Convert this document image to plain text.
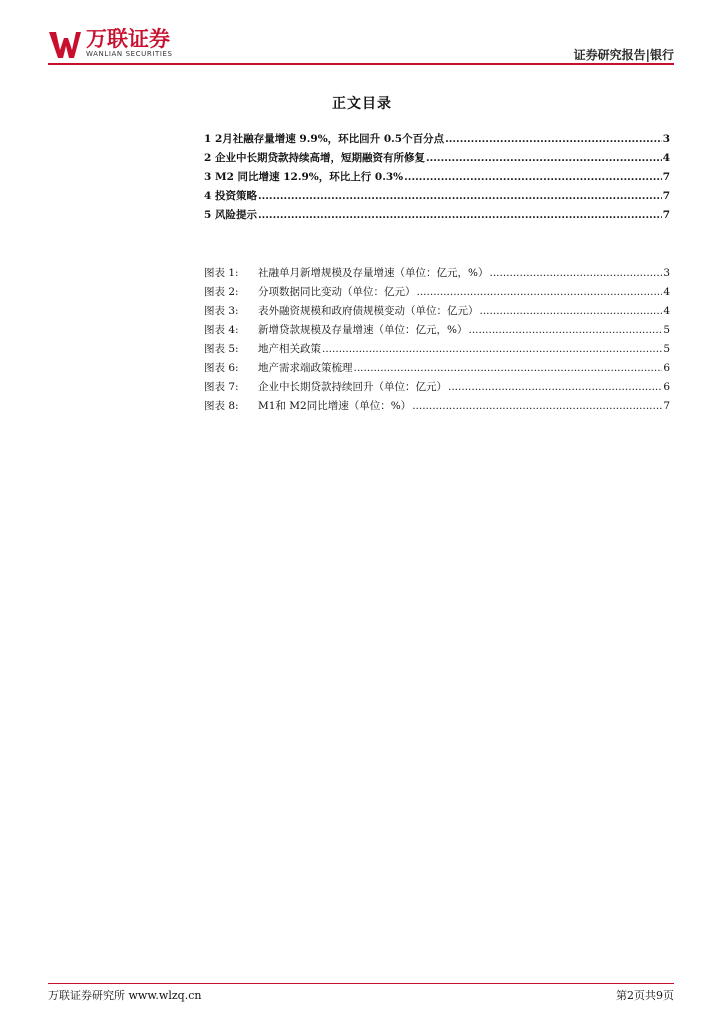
万联证券
WANLIAN SECURITIES	证券研究报告|银行
正文目录
1 2月社融存量增速 9.9%，环比回升 0.5个百分点 .....	3
2 企业中长期贷款持续高增，短期融资有所修复 .....	4
3 M2 同比增速 12.9%，环比上行 0.3% .....	7
4 投资策略 .....	7
5 风险提示 .....	7
图表 1:	社融单月新增规模及存量增速（单位：亿元，%） .....	3
图表 2:	分项数据同比变动（单位：亿元） .....	4
图表 3:	表外融资规模和政府债规模变动（单位：亿元） .....	4
图表 4:	新增贷款规模及存量增速（单位：亿元，%） .....	5
图表 5:	地产相关政策 .....	5
图表 6:	地产需求端政策梳理 .....	6
图表 7:	企业中长期贷款持续回升（单位：亿元） .....	6
图表 8:	M1和 M2同比增速（单位：%） .....	7
万联证券研究所 www.wlzq.cn	第2页共9页
